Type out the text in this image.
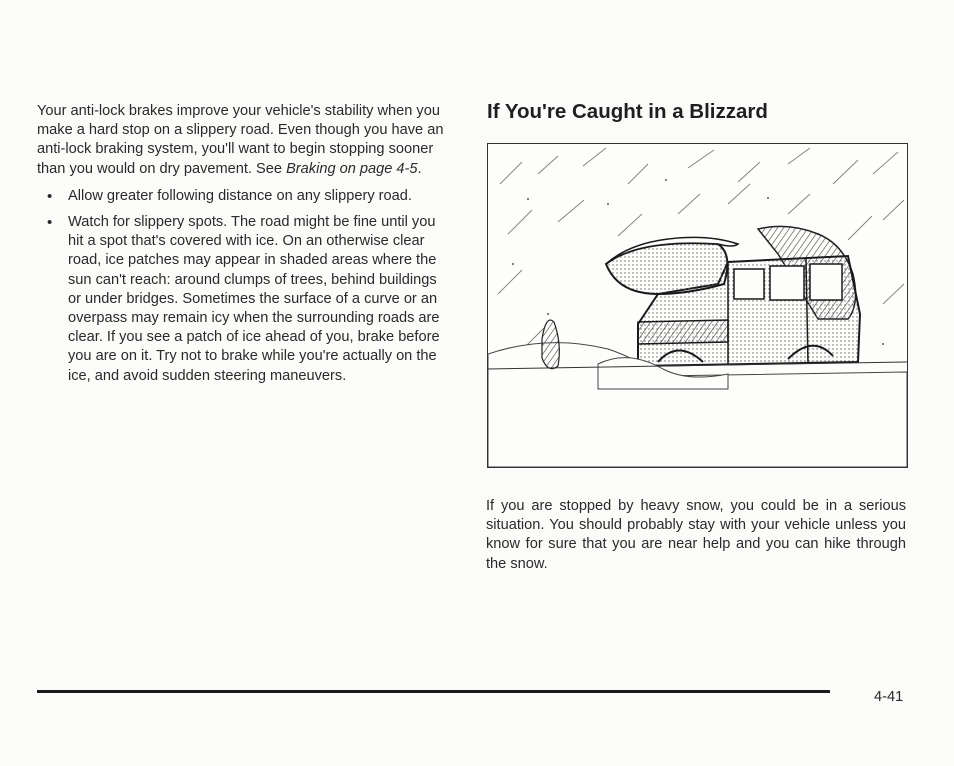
Your anti-lock brakes improve your vehicle's stability when you make a hard stop on a slippery road. Even though you have an anti-lock braking system, you'll want to begin stopping sooner than you would on dry pavement. See Braking on page 4-5.

• Allow greater following distance on any slippery road.
• Watch for slippery spots. The road might be fine until you hit a spot that's covered with ice. On an otherwise clear road, ice patches may appear in shaded areas where the sun can't reach: around clumps of trees, behind buildings or under bridges. Sometimes the surface of a curve or an overpass may remain icy when the surrounding roads are clear. If you see a patch of ice ahead of you, brake before you are on it. Try not to brake while you're actually on the ice, and avoid sudden steering maneuvers.
If You're Caught in a Blizzard

If you are stopped by heavy snow, you could be in a serious situation. You should probably stay with your vehicle unless you know for sure that you are near help and you can hike through the snow.

4-41
